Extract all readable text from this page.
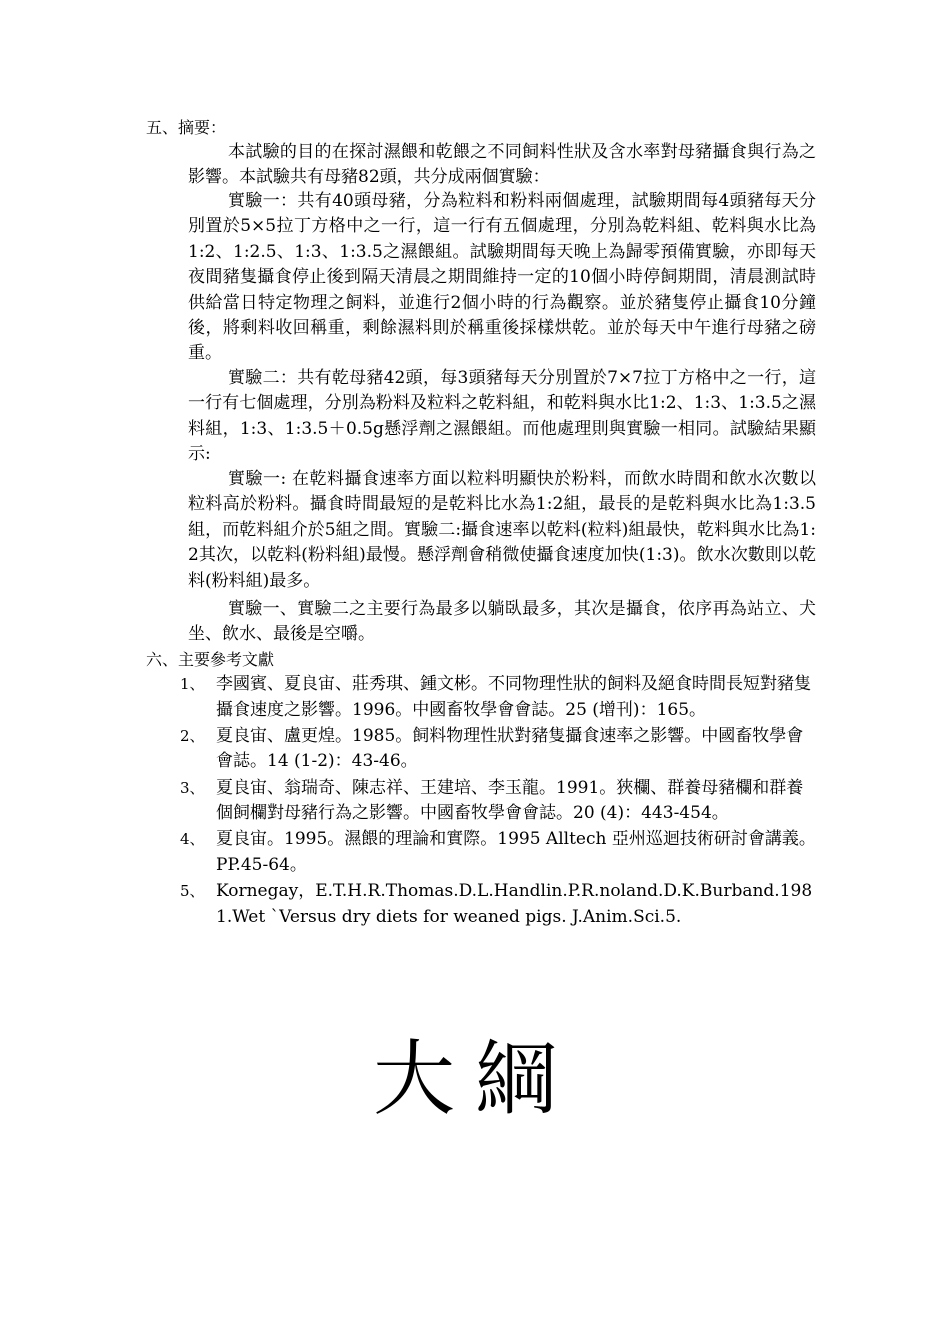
五、摘要：
本試驗的目的在探討濕餵和乾餵之不同飼料性狀及含水率對母豬攝食與行為之影響。本試驗共有母豬82頭，共分成兩個實驗：
實驗一：共有40頭母豬，分為粒料和粉料兩個處理，試驗期間每4頭豬每天分別置於5×5拉丁方格中之一行，這一行有五個處理，分別為乾料組、乾料與水比為1:2、1:2.5、1:3、1:3.5之濕餵組。試驗期間每天晚上為歸零預備實驗，亦即每天夜間豬隻攝食停止後到隔天清晨之期間維持一定的10個小時停飼期間，清晨測試時供給當日特定物理之飼料，並進行2個小時的行為觀察。並於豬隻停止攝食10分鐘後，將剩料收回稱重，剩餘濕料則於稱重後採樣烘乾。並於每天中午進行母豬之磅重。
實驗二：共有乾母豬42頭，每3頭豬每天分別置於7×7拉丁方格中之一行，這一行有七個處理，分別為粉料及粒料之乾料組，和乾料與水比1:2、1:3、1:3.5之濕料組，1:3、1:3.5＋0.5g懸浮劑之濕餵組。而他處理則與實驗一相同。試驗結果顯示:
實驗一: 在乾料攝食速率方面以粒料明顯快於粉料，而飲水時間和飲水次數以粒料高於粉料。攝食時間最短的是乾料比水為1:2組，最長的是乾料與水比為1:3.5組，而乾料組介於5組之間。實驗二:攝食速率以乾料(粒料)組最快，乾料與水比為1:2其次，以乾料(粉料組)最慢。懸浮劑會稍微使攝食速度加快(1:3)。飲水次數則以乾料(粉料組)最多。
實驗一、實驗二之主要行為最多以躺臥最多，其次是攝食，依序再為站立、犬坐、飲水、最後是空嚼。
六、主要參考文獻
1、 李國賓、夏良宙、莊秀琪、鍾文彬。不同物理性狀的飼料及絕食時間長短對豬隻攝食速度之影響。1996。中國畜牧學會會誌。25 (增刊)：165。
2、 夏良宙、盧更煌。1985。飼料物理性狀對豬隻攝食速率之影響。中國畜牧學會會誌。14 (1-2)：43-46。
3、 夏良宙、翁瑞奇、陳志祥、王建培、李玉龍。1991。狹欄、群養母豬欄和群養個飼欄對母豬行為之影響。中國畜牧學會會誌。20 (4)：443-454。
4、 夏良宙。1995。濕餵的理論和實際。1995 Alltech 亞州巡迴技術研討會講義。PP.45-64。
5、 Kornegay，E.T.H.R.Thomas.D.L.Handlin.P.R.noland.D.K.Burband.1981.Wet `Versus dry diets for weaned pigs. J.Anim.Sci.5.
大綱
